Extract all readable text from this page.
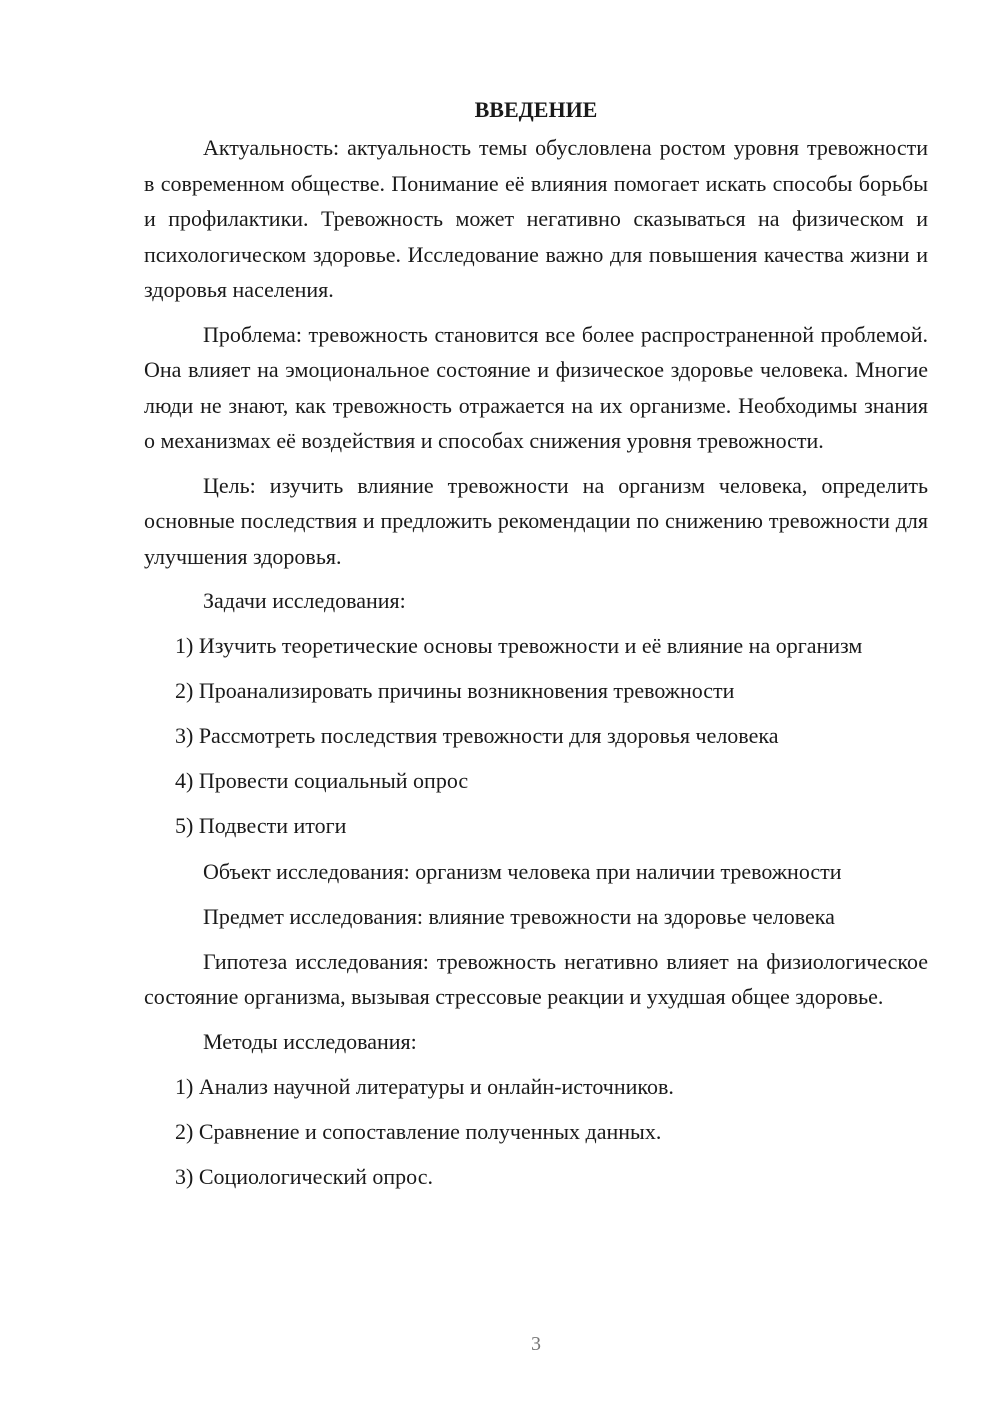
ВВЕДЕНИЕ

Актуальность: актуальность темы обусловлена ростом уровня тревожности в современном обществе. Понимание её влияния помогает искать способы борьбы и профилактики. Тревожность может негативно сказываться на физическом и психологическом здоровье. Исследование важно для повышения качества жизни и здоровья населения.

Проблема: тревожность становится все более распространенной проблемой. Она влияет на эмоциональное состояние и физическое здоровье человека. Многие люди не знают, как тревожность отражается на их организме. Необходимы знания о механизмах её воздействия и способах снижения уровня тревожности.

Цель: изучить влияние тревожности на организм человека, определить основные последствия и предложить рекомендации по снижению тревожности для улучшения здоровья.

Задачи исследования:

1) Изучить теоретические основы тревожности и её влияние на организм

2) Проанализировать причины возникновения тревожности

3) Рассмотреть последствия тревожности для здоровья человека

4) Провести социальный опрос

5) Подвести итоги

Объект исследования: организм человека при наличии тревожности

Предмет исследования: влияние тревожности на здоровье человека

Гипотеза исследования: тревожность негативно влияет на физиологическое состояние организма, вызывая стрессовые реакции и ухудшая общее здоровье.

Методы исследования:

1) Анализ научной литературы и онлайн-источников.

2) Сравнение и сопоставление полученных данных.

3) Социологический опрос.

3
